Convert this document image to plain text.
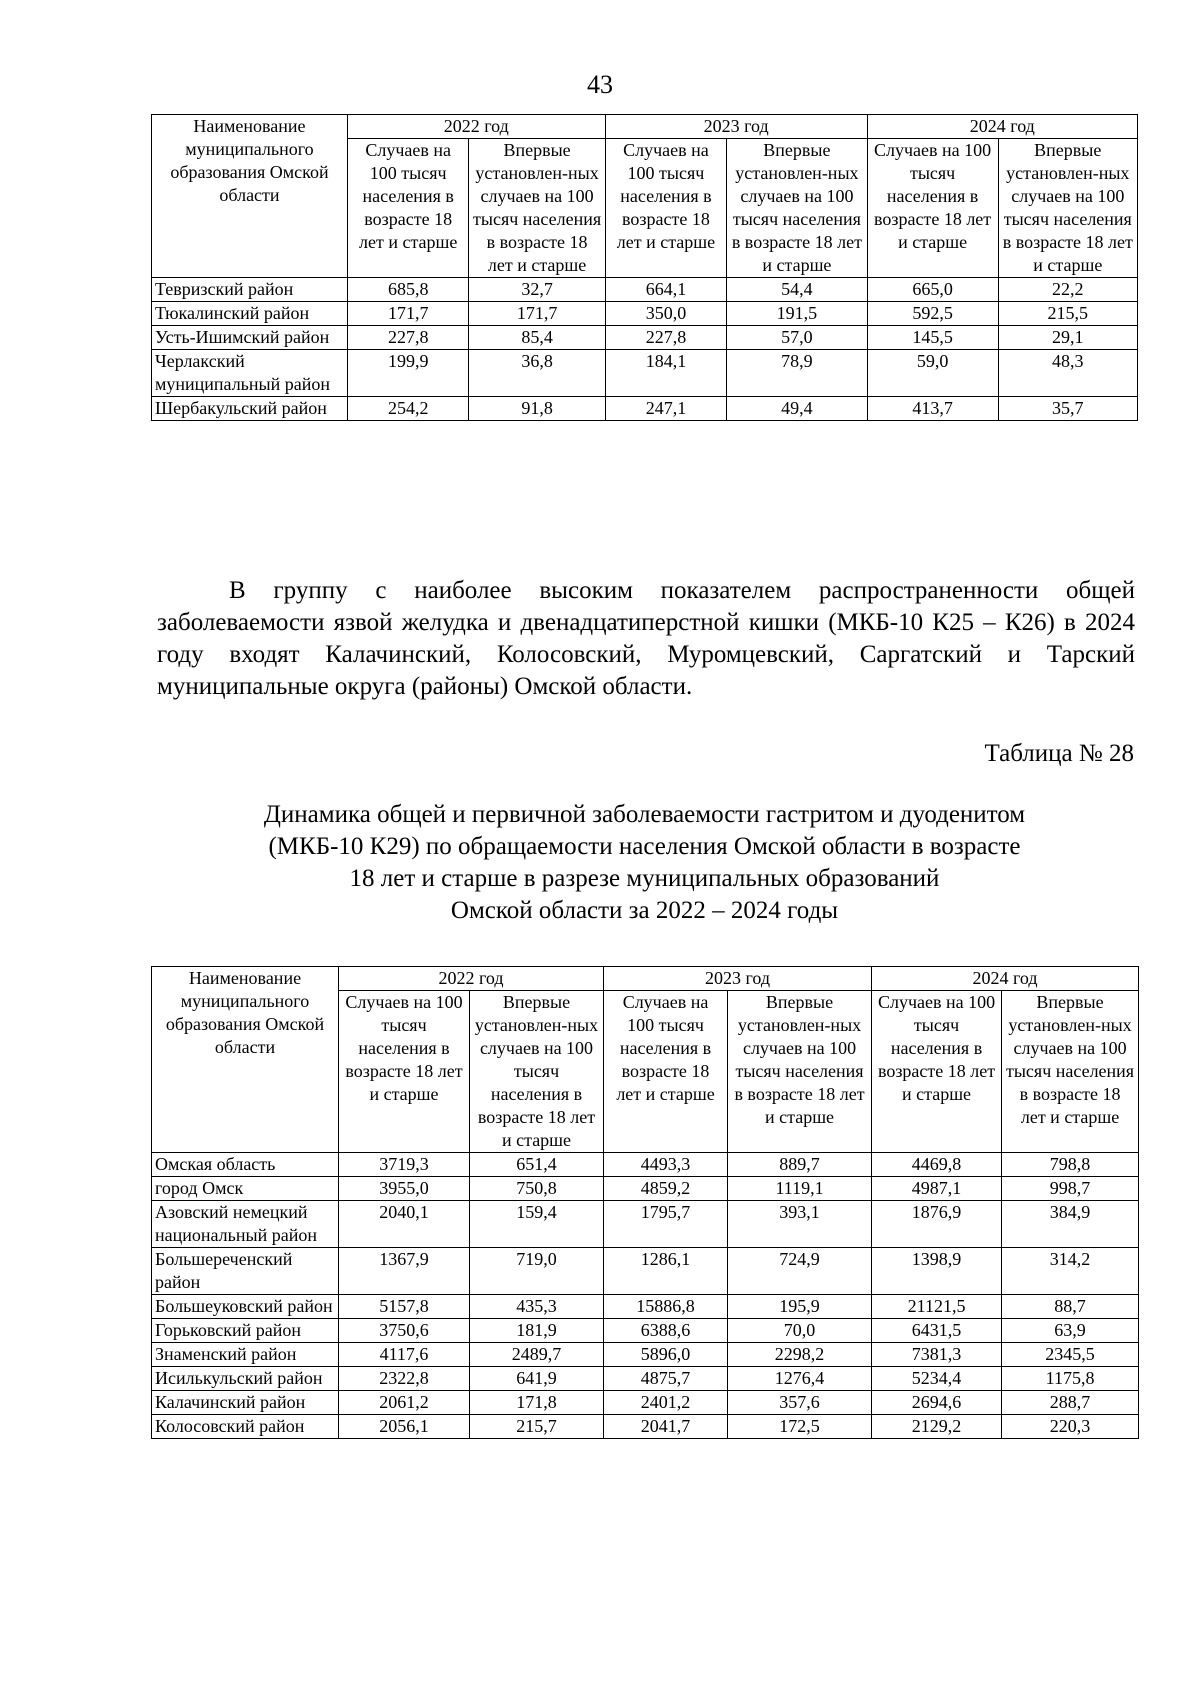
43
Наименование муниципального образования Омской области	2022 год		2023 год		2024 год	
	Случаев на 100 тысяч населения в возрасте 18 лет и старше	Впервые установлен-ных случаев на 100 тысяч населения в возрасте 18 лет и старше	Случаев на 100 тысяч населения в возрасте 18 лет и старше	Впервые установлен-ных случаев на 100 тысяч населения в возрасте 18 лет и старше	Случаев на 100 тысяч населения в возрасте 18 лет и старше	Впервые установлен-ных случаев на 100 тысяч населения в возрасте 18 лет и старше
Тевризский район	685,8	32,7	664,1	54,4	665,0	22,2
Тюкалинский район	171,7	171,7	350,0	191,5	592,5	215,5
Усть-Ишимский район	227,8	85,4	227,8	57,0	145,5	29,1
Черлакский муниципальный район	199,9	36,8	184,1	78,9	59,0	48,3
Шербакульский район	254,2	91,8	247,1	49,4	413,7	35,7

В группу с наиболее высоким показателем распространенности общей заболеваемости язвой желудка и двенадцатиперстной кишки (МКБ-10 К25 – К26) в 2024 году входят Калачинский, Колосовский, Муромцевский, Саргатский и Тарский муниципальные округа (районы) Омской области.

Таблица № 28

Динамика общей и первичной заболеваемости гастритом и дуоденитом
(МКБ-10 К29) по обращаемости населения Омской области в возрасте
18 лет и старше в разрезе муниципальных образований
Омской области за 2022 – 2024 годы
Наименование муниципального образования Омской области	2022 год		2023 год		2024 год	
	Случаев на 100 тысяч населения в возрасте 18 лет и старше	Впервые установлен-ных случаев на 100 тысяч населения в возрасте 18 лет и старше	Случаев на 100 тысяч населения в возрасте 18 лет и старше	Впервые установлен-ных случаев на 100 тысяч населения в возрасте 18 лет и старше	Случаев на 100 тысяч населения в возрасте 18 лет и старше	Впервые установлен-ных случаев на 100 тысяч населения в возрасте 18 лет и старше
Омская область	3719,3	651,4	4493,3	889,7	4469,8	798,8
город Омск	3955,0	750,8	4859,2	1119,1	4987,1	998,7
Азовский немецкий национальный район	2040,1	159,4	1795,7	393,1	1876,9	384,9
Большереченский район	1367,9	719,0	1286,1	724,9	1398,9	314,2
Большеуковский район	5157,8	435,3	15886,8	195,9	21121,5	88,7
Горьковский район	3750,6	181,9	6388,6	70,0	6431,5	63,9
Знаменский район	4117,6	2489,7	5896,0	2298,2	7381,3	2345,5
Исилькульский район	2322,8	641,9	4875,7	1276,4	5234,4	1175,8
Калачинский район	2061,2	171,8	2401,2	357,6	2694,6	288,7
Колосовский район	2056,1	215,7	2041,7	172,5	2129,2	220,3
